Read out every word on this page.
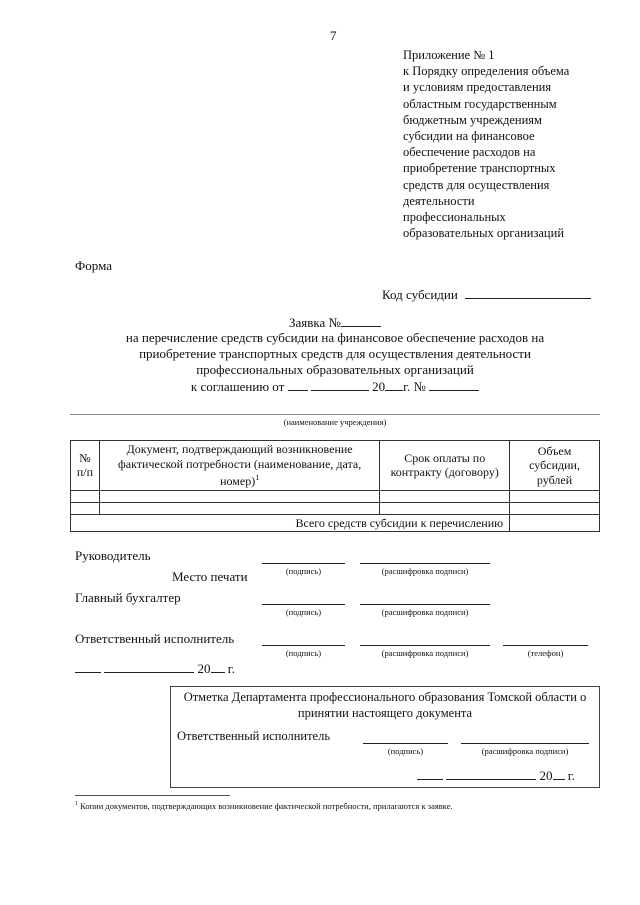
7
Приложение № 1
к Порядку определения объема
и условиям предоставления
областным государственным
бюджетным учреждениям
субсидии на финансовое
обеспечение расходов на
приобретение транспортных
средств для осуществления
деятельности
профессиональных
образовательных организаций
Форма
Код субсидии
Заявка №
на перечисление средств субсидии на финансовое обеспечение расходов на
приобретение транспортных средств для осуществления деятельности
профессиональных образовательных организаций
к соглашению от	20 г. №
(наименование учреждения)
№
п/п	Документ, подтверждающий возникновение фактической потребности (наименование, дата, номер)$^1$	Срок оплаты по контракту (договору)	Объем субсидии, рублей

Всего средств субсидии к перечислению			
Руководитель
(подпись)	(расшифровка подписи)
Место печати
Главный бухгалтер
(подпись)	(расшифровка подписи)
Ответственный исполнитель
(подпись)	(расшифровка подписи)	(телефон)
20 г.
Отметка Департамента профессионального образования Томской области о принятии настоящего документа
Ответственный исполнитель
(подпись)	(расшифровка подписи)
20 г.
$^1$ Копии документов, подтверждающих возникновение фактической потребности, прилагаются к заявке.
